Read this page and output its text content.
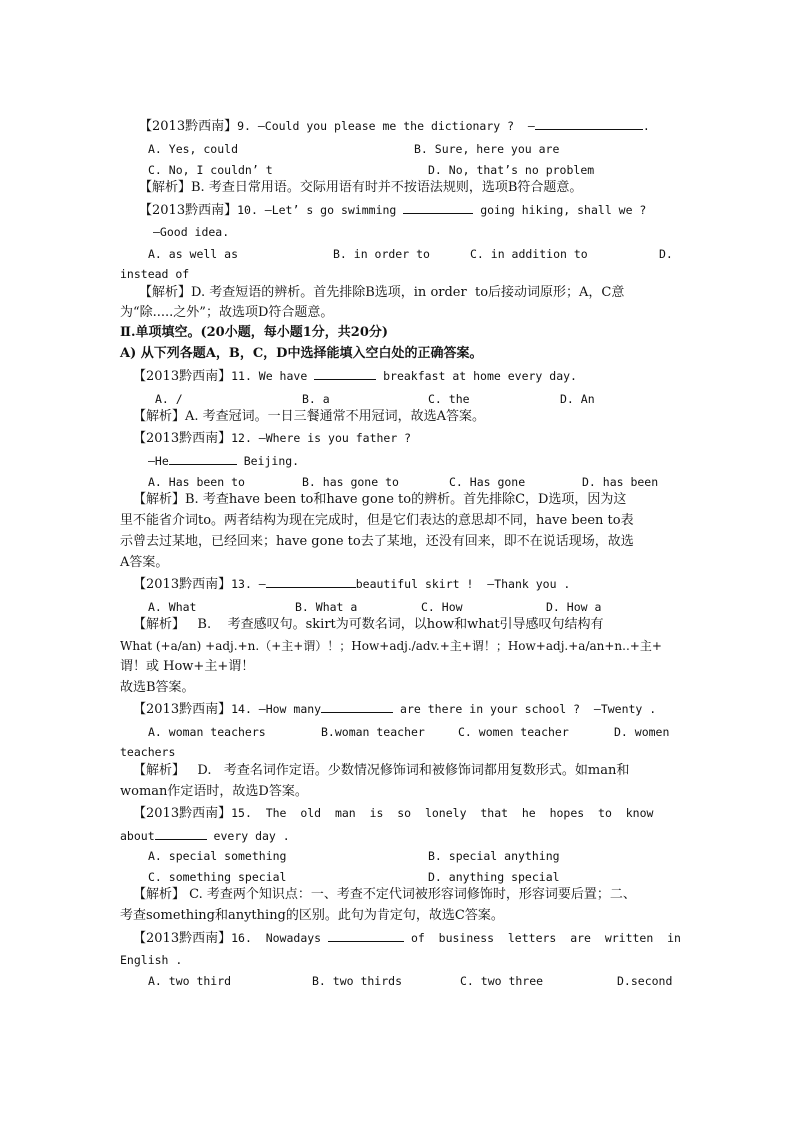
【2013黔西南】9. —Could you please me the dictionary ?  —	.
A. Yes, could	B. Sure, here you are
C. No, I couldn’ t	D. No, that’s no problem
【解析】B. 考查日常用语。交际用语有时并不按语法规则，选项B符合题意。
【2013黔西南】10. —Let’ s go swimming	going hiking, shall we ?
—Good idea.
A. as well as	B. in order to	C. in addition to	D.
instead of
【解析】D. 考查短语的辨析。首先排除B选项，in order  to后接动词原形；A，C意
为“除.....之外”；故选项D符合题意。
Ⅱ.单项填空。(20小题，每小题1分，共20分)
A) 从下列各题A，B，C，D中选择能填入空白处的正确答案。
【2013黔西南】11. We have	breakfast at home every day.
A. /	B. a	C. the	D. An
【解析】A. 考查冠词。一日三餐通常不用冠词，故选A答案。
【2013黔西南】12. —Where is you father ?
—He	Beijing.
A. Has been to	B. has gone to	C. Has gone	D. has been
【解析】B. 考查have been to和have gone to的辨析。首先排除C，D选项，因为这
里不能省介词to。两者结构为现在完成时，但是它们表达的意思却不同，have been to表
示曾去过某地，已经回来；have gone to去了某地，还没有回来，即不在说话现场，故选
A答案。
【2013黔西南】13. —	beautiful skirt !  —Thank you .
A. What	B. What a	C. How	D. How a
【解析】   B.    考查感叹句。skirt为可数名词，以how和what引导感叹句结构有
What (+a/an) +adj.+n.（+主+谓）！；How+adj./adv.+主+谓！；How+adj.+a/an+n..+主+
谓！或 How+主+谓！
故选B答案。
【2013黔西南】14. —How many	are there in your school ?  —Twenty .
A. woman teachers	B.woman teacher	C. women teacher	D. women
teachers
【解析】   D.   考查名词作定语。少数情况修饰词和被修饰词都用复数形式。如man和
woman作定语时，故选D答案。
【2013黔西南】15.  The  old  man  is  so  lonely  that  he  hopes  to  know
about	every day .
A. special something	B. special anything
C. something special	D. anything special
【解析】 C. 考查两个知识点：一、考查不定代词被形容词修饰时，形容词要后置；二、
考查something和anything的区别。此句为肯定句，故选C答案。
【2013黔西南】16.  Nowadays	of  business  letters  are  written  in
English .
A. two third	B. two thirds	C. two three	D.second
